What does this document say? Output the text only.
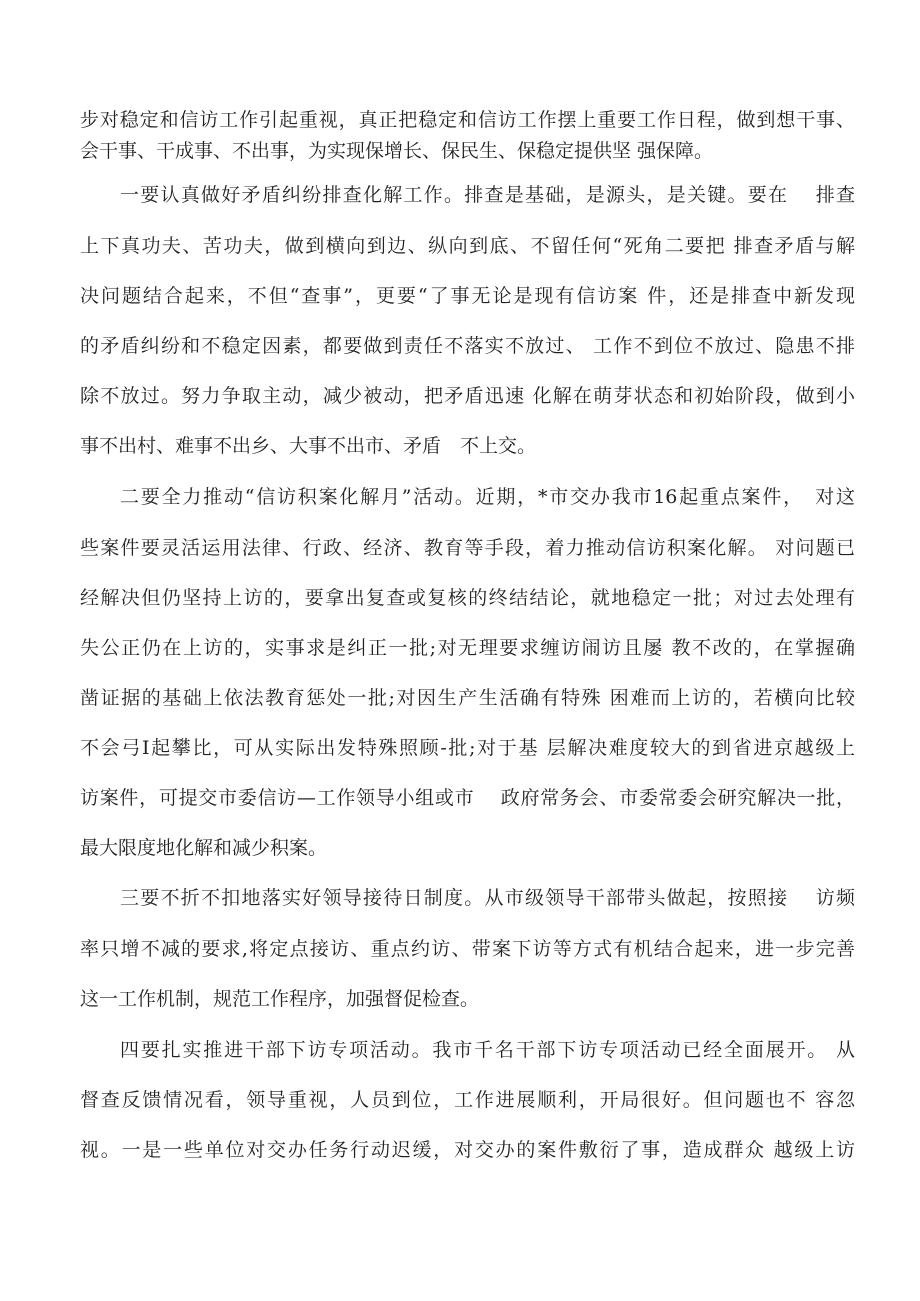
步对稳定和信访工作引起重视，真正把稳定和信访工作摆上重要工作日程，做到想干事、
会干事、干成事、不出事，为实现保增长、保民生、保稳定提供坚 强保障。
一要认真做好矛盾纠纷排查化解工作。排查是基础，是源头，是关键。要在　 排查
上下真功夫、苦功夫，做到横向到边、纵向到底、不留任何“死角二要把 排查矛盾与解
决问题结合起来，不但“查事”，更要“了事无论是现有信访案 件，还是排查中新发现
的矛盾纠纷和不稳定因素，都要做到责任不落实不放过、 工作不到位不放过、隐患不排
除不放过。努力争取主动，减少被动，把矛盾迅速 化解在萌芽状态和初始阶段，做到小
事不出村、难事不出乡、大事不出市、矛盾　不上交。
二要全力推动“信访积案化解月”活动。近期，*市交办我市16起重点案件，　对这
些案件要灵活运用法律、行政、经济、教育等手段，着力推动信访积案化解。 对问题已
经解决但仍坚持上访的，要拿出复查或复核的终结结论，就地稳定一批；对过去处理有
失公正仍在上访的，实事求是纠正一批;对无理要求缠访闹访且屡 教不改的，在掌握确
凿证据的基础上依法教育惩处一批;对因生产生活确有特殊 困难而上访的，若横向比较
不会弓I起攀比，可从实际出发特殊照顾-批;对于基 层解决难度较大的到省进京越级上
访案件，可提交市委信访—工作领导小组或市　 政府常务会、市委常委会研究解决一批，
最大限度地化解和减少积案。
三要不折不扣地落实好领导接待日制度。从市级领导干部带头做起，按照接　 访频
率只增不减的要求,将定点接访、重点约访、带案下访等方式有机结合起来，进一步完善
这一工作机制，规范工作程序，加强督促检查。
四要扎实推进干部下访专项活动。我市千名干部下访专项活动已经全面展开。 从
督查反馈情况看，领导重视，人员到位，工作进展顺利，开局很好。但问题也不 容忽
视。一是一些单位对交办任务行动迟缓，对交办的案件敷衍了事，造成群众 越级上访
